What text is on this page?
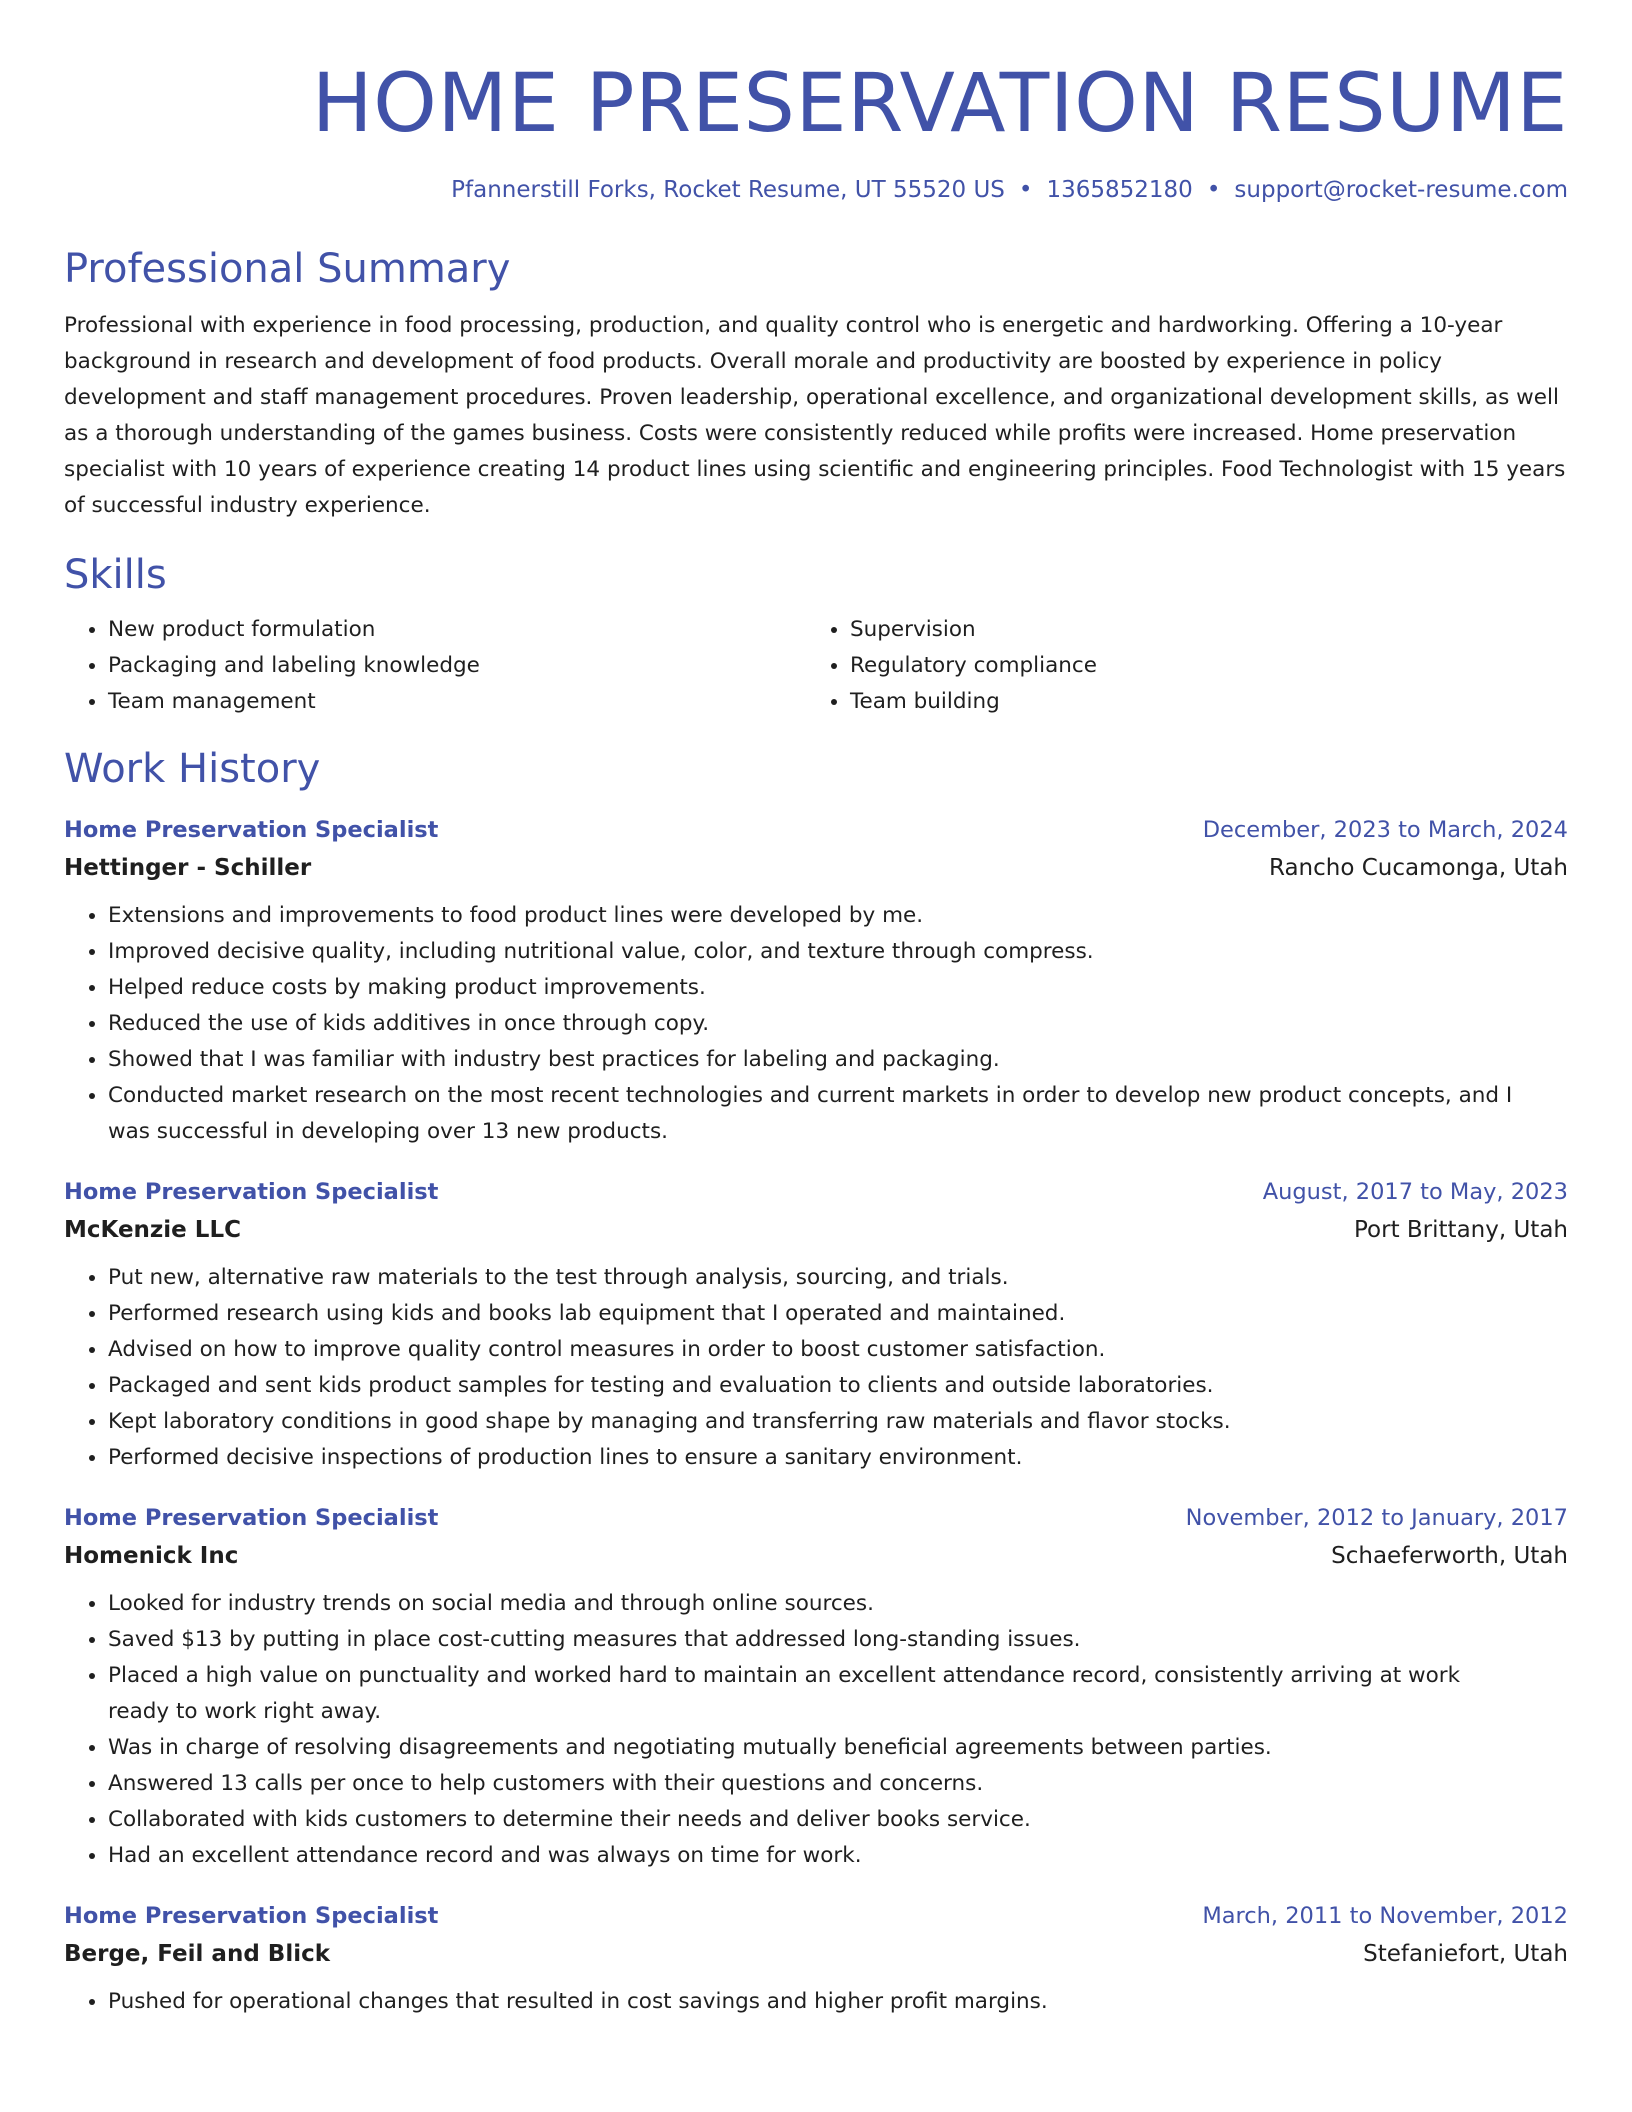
HOME PRESERVATION RESUME
Pfannerstill Forks, Rocket Resume, UT 55520 US • 1365852180 • support@rocket-resume.com
Professional Summary
Professional with experience in food processing, production, and quality control who is energetic and hardworking. Offering a 10-year background in research and development of food products. Overall morale and productivity are boosted by experience in policy development and staff management procedures. Proven leadership, operational excellence, and organizational development skills, as well as a thorough understanding of the games business. Costs were consistently reduced while profits were increased. Home preservation specialist with 10 years of experience creating 14 product lines using scientific and engineering principles. Food Technologist with 15 years of successful industry experience.
Skills
• New product formulation
• Packaging and labeling knowledge
• Team management
• Supervision
• Regulatory compliance
• Team building
Work History
Home Preservation Specialist	December, 2023 to March, 2024
Hettinger - Schiller	Rancho Cucamonga, Utah
• Extensions and improvements to food product lines were developed by me.
• Improved decisive quality, including nutritional value, color, and texture through compress.
• Helped reduce costs by making product improvements.
• Reduced the use of kids additives in once through copy.
• Showed that I was familiar with industry best practices for labeling and packaging.
• Conducted market research on the most recent technologies and current markets in order to develop new product concepts, and I was successful in developing over 13 new products.
Home Preservation Specialist	August, 2017 to May, 2023
McKenzie LLC	Port Brittany, Utah
• Put new, alternative raw materials to the test through analysis, sourcing, and trials.
• Performed research using kids and books lab equipment that I operated and maintained.
• Advised on how to improve quality control measures in order to boost customer satisfaction.
• Packaged and sent kids product samples for testing and evaluation to clients and outside laboratories.
• Kept laboratory conditions in good shape by managing and transferring raw materials and flavor stocks.
• Performed decisive inspections of production lines to ensure a sanitary environment.
Home Preservation Specialist	November, 2012 to January, 2017
Homenick Inc	Schaeferworth, Utah
• Looked for industry trends on social media and through online sources.
• Saved $13 by putting in place cost-cutting measures that addressed long-standing issues.
• Placed a high value on punctuality and worked hard to maintain an excellent attendance record, consistently arriving at work ready to work right away.
• Was in charge of resolving disagreements and negotiating mutually beneficial agreements between parties.
• Answered 13 calls per once to help customers with their questions and concerns.
• Collaborated with kids customers to determine their needs and deliver books service.
• Had an excellent attendance record and was always on time for work.
Home Preservation Specialist	March, 2011 to November, 2012
Berge, Feil and Blick	Stefaniefort, Utah
• Pushed for operational changes that resulted in cost savings and higher profit margins.
